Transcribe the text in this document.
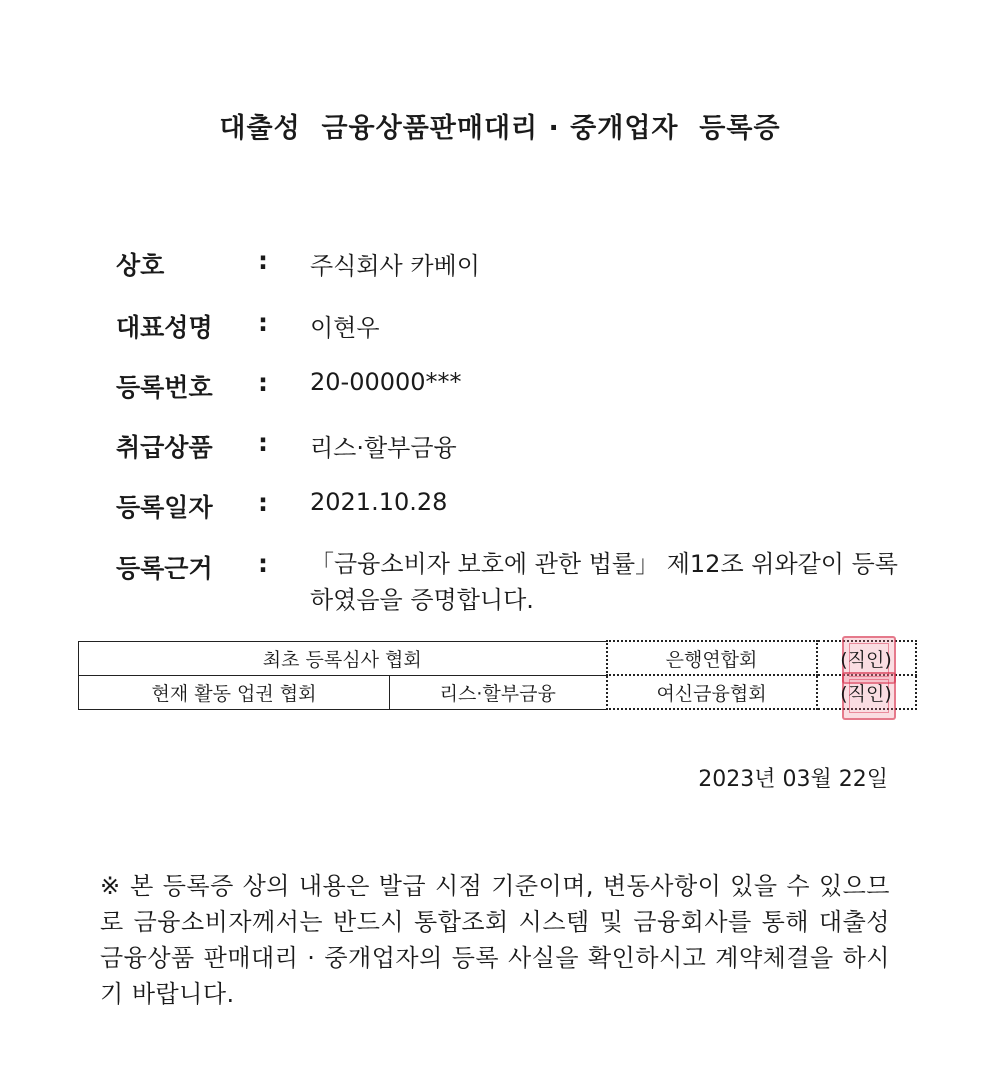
대출성  금융상품판매대리 · 중개업자  등록증
상호	: 주식회사 카베이
대표성명	: 이현우
등록번호	: 20-00000***
취급상품	: 리스·할부금융
등록일자	: 2021.10.28
등록근거	: 「금융소비자 보호에 관한 법률」 제12조 위와같이 등록하였음을 증명합니다.
최초 등록심사 협회		은행연합회	(직인)
현재 활동 업권 협회	리스·할부금융	여신금융협회	(직인)
2023년 03월 22일
※ 본 등록증 상의 내용은 발급 시점 기준이며, 변동사항이 있을 수 있으므로 금융소비자께서는 반드시 통합조회 시스템 및 금융회사를 통해 대출성 금융상품 판매대리 · 중개업자의 등록 사실을 확인하시고 계약체결을 하시기 바랍니다.
